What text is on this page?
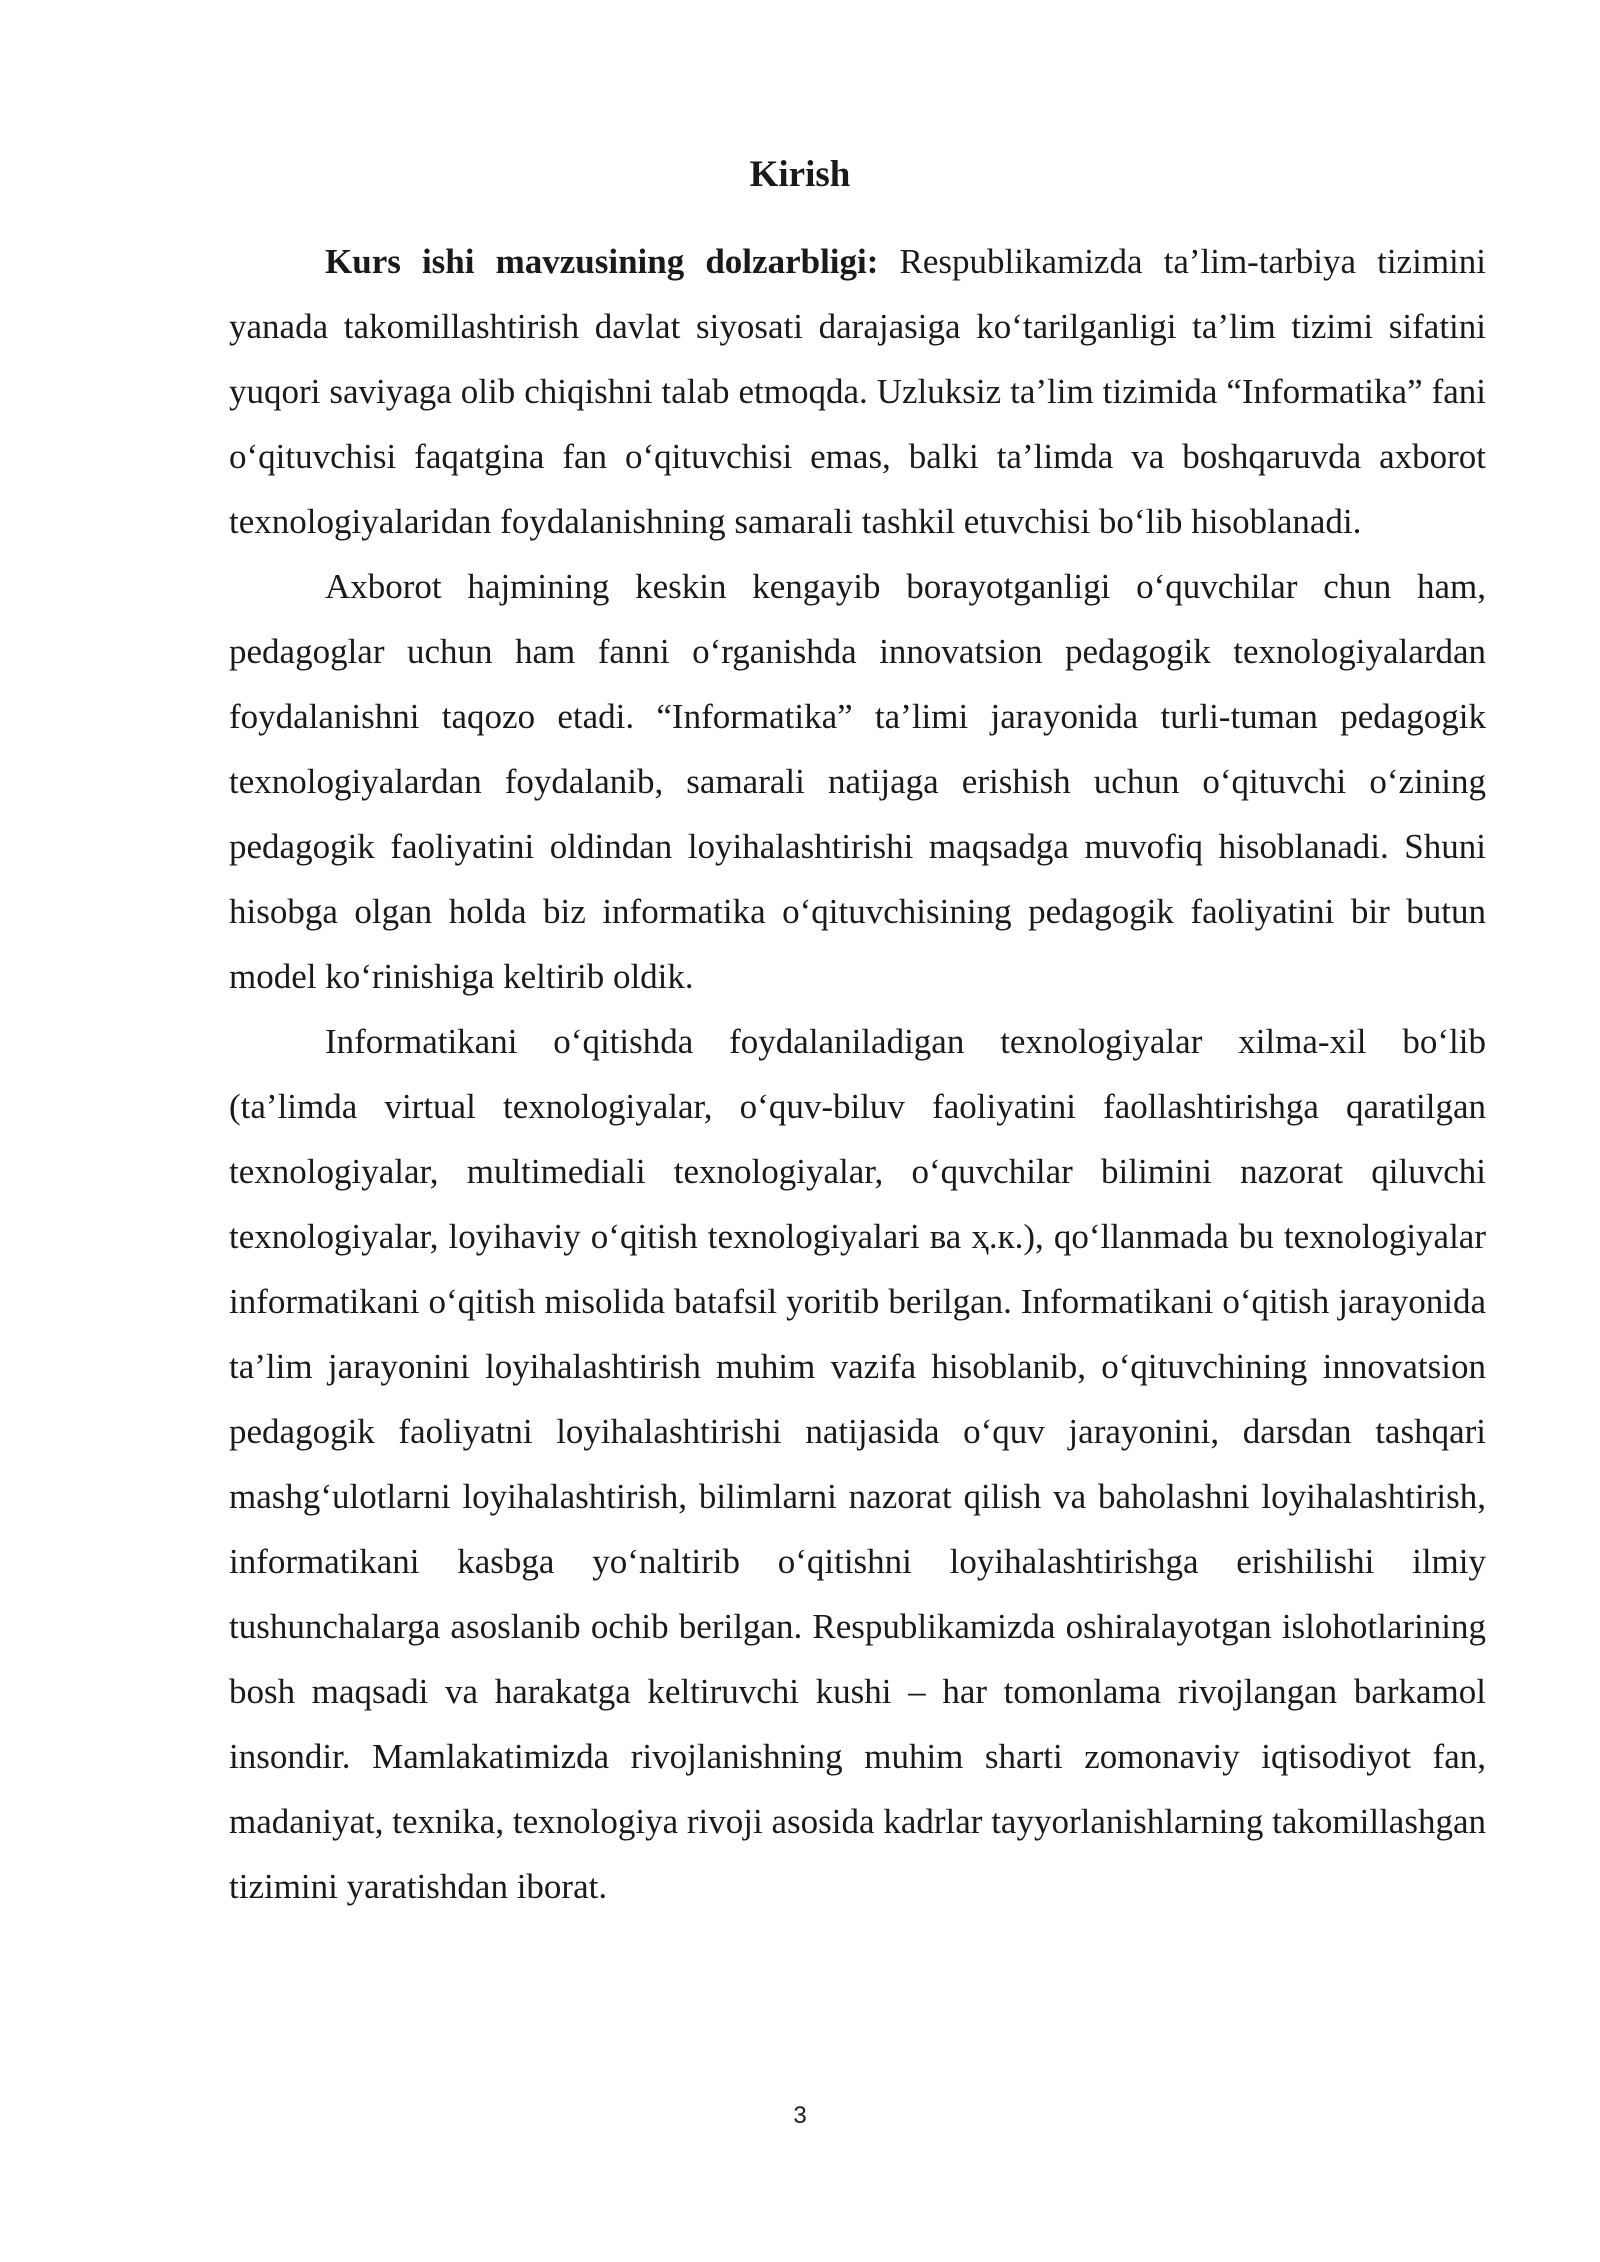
Kirish

Kurs ishi mavzusining dolzarbligi: Respublikamizda ta’lim-tarbiya tizimini yanada takomillashtirish davlat siyosati darajasiga koʻtarilganligi ta’lim tizimi sifatini yuqori saviyaga olib chiqishni talab etmoqda. Uzluksiz ta’lim tizimida “Informatika” fani oʻqituvchisi faqatgina fan oʻqituvchisi emas, balki ta’limda va boshqaruvda axborot texnologiyalaridan foydalanishning samarali tashkil etuvchisi boʻlib hisoblanadi.

Axborot hajmining keskin kengayib borayotganligi oʻquvchilar chun ham, pedagoglar uchun ham fanni oʻrganishda innovatsion pedagogik texnologiyalardan foydalanishni taqozo etadi. “Informatika” ta’limi jarayonida turli-tuman pedagogik texnologiyalardan foydalanib, samarali natijaga erishish uchun oʻqituvchi oʻzining pedagogik faoliyatini oldindan loyihalashtirishi maqsadga muvofiq hisoblanadi. Shuni hisobga olgan holda biz informatika oʻqituvchisining pedagogik faoliyatini bir butun model koʻrinishiga keltirib oldik.

Informatikani oʻqitishda foydalaniladigan texnologiyalar xilma-xil boʻlib (ta’limda virtual texnologiyalar, oʻquv-biluv faoliyatini faollashtirishga qaratilgan texnologiyalar, multimediali texnologiyalar, oʻquvchilar bilimini nazorat qiluvchi texnologiyalar, loyihaviy oʻqitish texnologiyalari ва ҳ.к.), qoʻllanmada bu texnologiyalar informatikani oʻqitish misolida batafsil yoritib berilgan. Informatikani oʻqitish jarayonida ta’lim jarayonini loyihalashtirish muhim vazifa hisoblanib, oʻqituvchining innovatsion pedagogik faoliyatni loyihalashtirishi natijasida oʻquv jarayonini, darsdan tashqari mashgʻulotlarni loyihalashtirish, bilimlarni nazorat qilish va baholashni loyihalashtirish, informatikani kasbga yoʻnaltirib oʻqitishni loyihalashtirishga erishilishi ilmiy tushunchalarga asoslanib ochib berilgan. Respublikamizda oshiralayotgan islohotlarining bosh maqsadi va harakatga keltiruvchi kushi – har tomonlama rivojlangan barkamol insondir. Mamlakatimizda rivojlanishning muhim sharti zomonaviy iqtisodiyot fan, madaniyat, texnika, texnologiya rivoji asosida kadrlar tayyorlanishlarning takomillashgan tizimini yaratishdan iborat.

3
